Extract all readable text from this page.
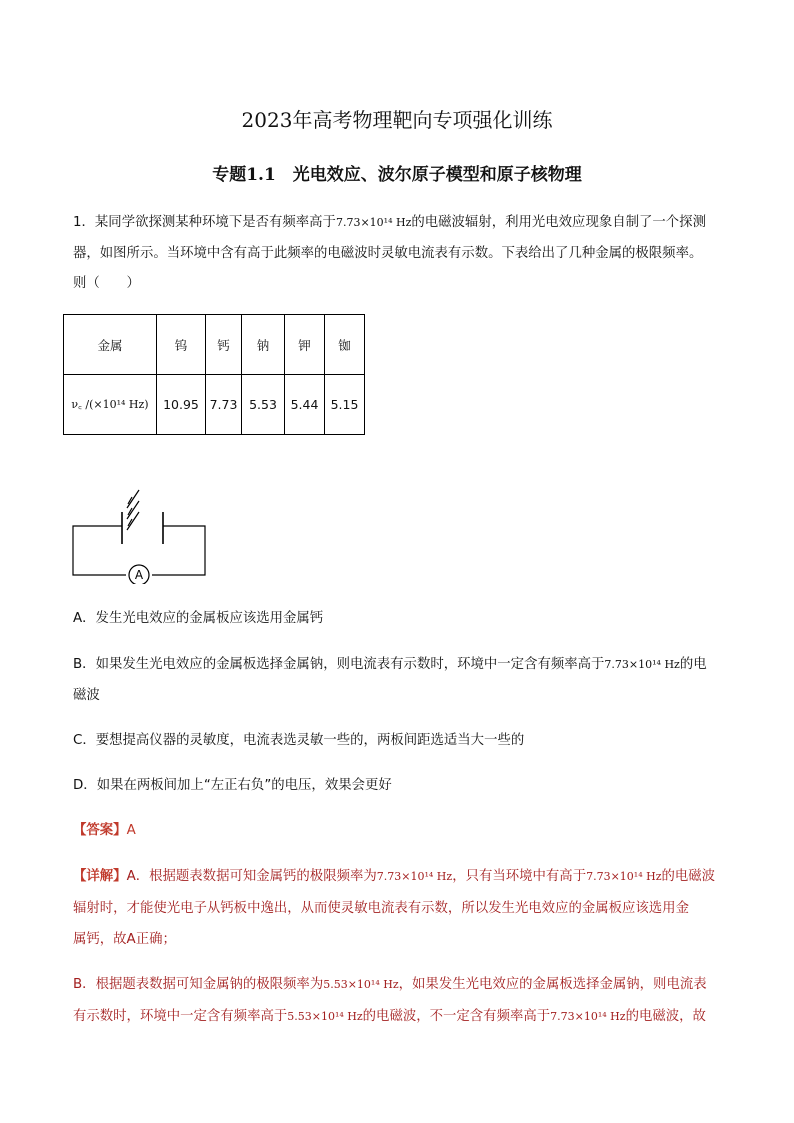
2023年高考物理靶向专项强化训练
专题1.1　光电效应、波尔原子模型和原子核物理
1．某同学欲探测某种环境下是否有频率高于7.73×10¹⁴ Hz的电磁波辐射，利用光电效应现象自制了一个探测
器，如图所示。当环境中含有高于此频率的电磁波时灵敏电流表有示数。下表给出了几种金属的极限频率。
则（　　）
金属	钨	钙	钠	钾	铷
ν꜀ /(×10¹⁴ Hz)	10.95	7.73	5.53	5.44	5.15
A
A．发生光电效应的金属板应该选用金属钙
B．如果发生光电效应的金属板选择金属钠，则电流表有示数时，环境中一定含有频率高于7.73×10¹⁴ Hz的电
磁波
C．要想提高仪器的灵敏度，电流表选灵敏一些的，两板间距选适当大一些的
D．如果在两板间加上“左正右负”的电压，效果会更好
【答案】A
【详解】A．根据题表数据可知金属钙的极限频率为7.73×10¹⁴ Hz，只有当环境中有高于7.73×10¹⁴ Hz的电磁波
辐射时，才能使光电子从钙板中逸出，从而使灵敏电流表有示数，所以发生光电效应的金属板应该选用金
属钙，故A正确；
B．根据题表数据可知金属钠的极限频率为5.53×10¹⁴ Hz，如果发生光电效应的金属板选择金属钠，则电流表
有示数时，环境中一定含有频率高于5.53×10¹⁴ Hz的电磁波，不一定含有频率高于7.73×10¹⁴ Hz的电磁波，故
